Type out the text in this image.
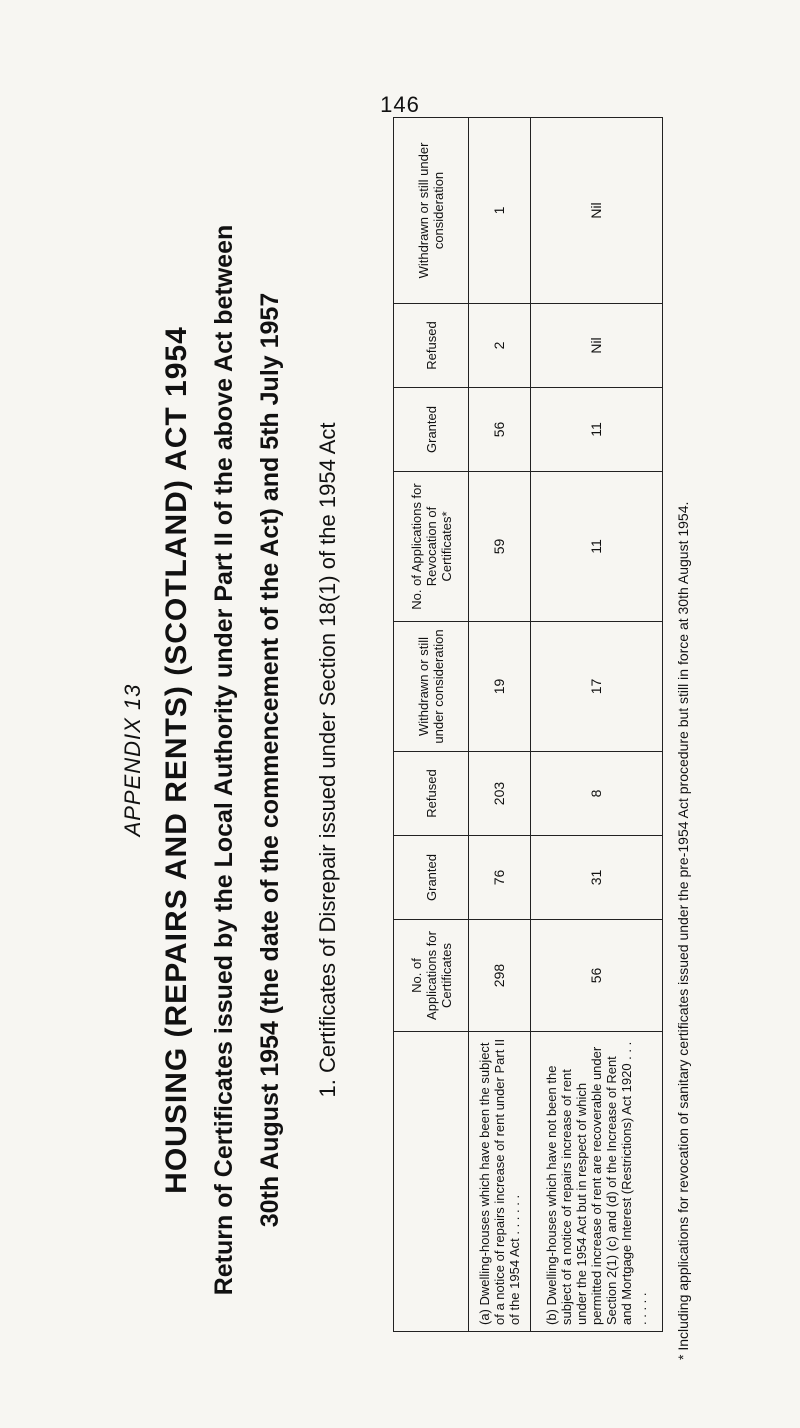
146
APPENDIX 13 HOUSING (REPAIRS AND RENTS) (SCOTLAND) ACT 1954 Return of Certificates issued by the Local Authority under Part II of the above Act between 30th August 1954 (the date of the commencement of the Act) and 5th July 1957 1. Certificates of Disrepair issued under Section 18(1) of the 1954 Act
		No. of Applications for Certificates	Granted	Refused	Withdrawn or still under consideration	No. of Applications for Revocation of Certificates*	Granted	Refused	Withdrawn or still under consideration
(a) Dwelling-houses which have been the subject of a notice of repairs increase of rent under Part II of the 1954 Act . . . . . .	298	76	203	19	59	56	2	1
(b) Dwelling-houses which have not been the subject of a notice of repairs increase of rent under the 1954 Act but in respect of which permitted increase of rent are recoverable under Section 2(1) (c) and (d) of the Increase of Rent and Mortgage Interest (Restrictions) Act 1920 . . . . . . . .	56	31	8	17	11	11	Nil	Nil
* Including applications for revocation of sanitary certificates issued under the pre-1954 Act procedure but still in force at 30th August 1954.
